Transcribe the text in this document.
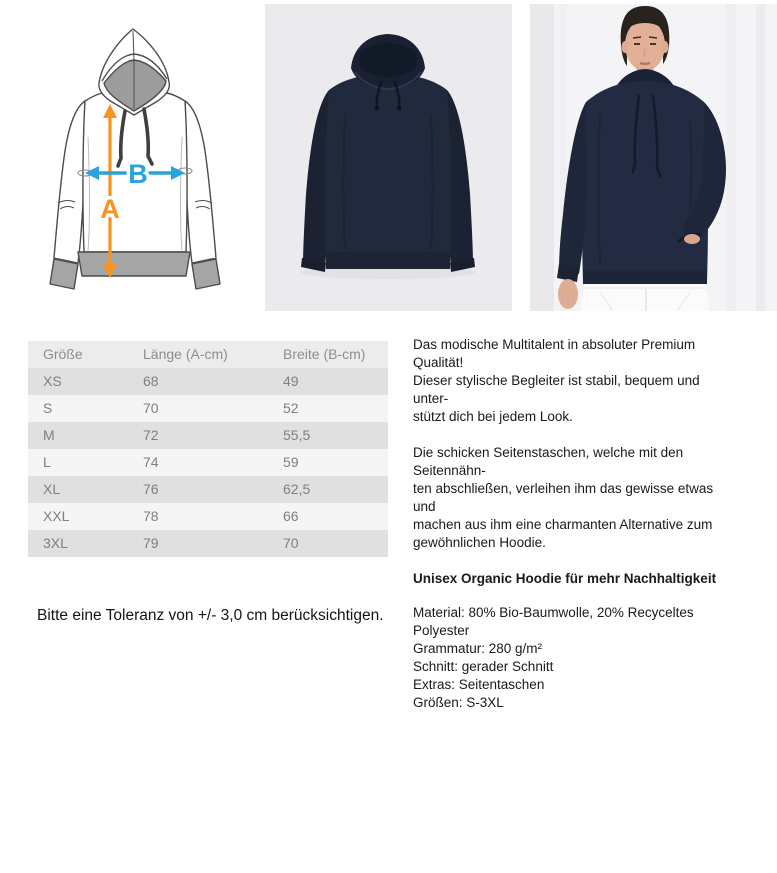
A
B
Größe	Länge (A-cm)	Breite (B-cm)
XS	68	49
S	70	52
M	72	55,5
L	74	59
XL	76	62,5
XXL	78	66
3XL	79	70
Das modische Multitalent in absoluter Premium Qualität!
Dieser stylische Begleiter ist stabil, bequem und unter-
stützt dich bei jedem Look.
Die schicken Seitenstaschen, welche mit den Seitennähn-
ten abschließen, verleihen ihm das gewisse etwas und
machen aus ihm eine charmanten Alternative zum
gewöhnlichen Hoodie.
Unisex Organic Hoodie für mehr Nachhaltigkeit
Material: 80% Bio-Baumwolle, 20% Recyceltes Polyester
Grammatur: 280 g/m²
Schnitt: gerader Schnitt
Extras: Seitentaschen
Größen: S-3XL
Bitte eine Toleranz von +/- 3,0 cm berücksichtigen.
